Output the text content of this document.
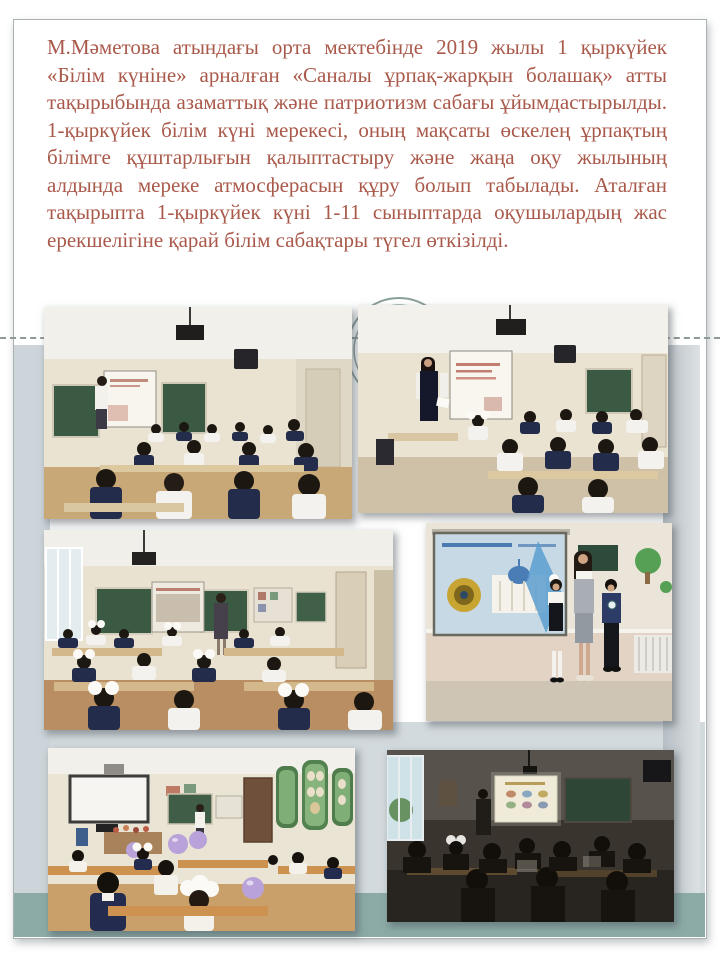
М.Мәметова атындағы орта мектебінде 2019 жылы 1 қыркүйек «Білім күніне» арналған «Саналы ұрпақ-жарқын болашақ» атты тақырыбында азаматтық және патриотизм сабағы ұйымдастырылды. 1-қыркүйек білім күні мерекесі, оның мақсаты өскелең ұрпақтың білімге құштарлығын қалыптастыру және жаңа оқу жылының алдында мереке атмосферасын құру болып табылады. Аталған тақырыпта 1-қыркүйек күні 1-11 сыныптарда оқушылардың жас ерекшелігіне қарай білім сабақтары түгел өткізілді.
